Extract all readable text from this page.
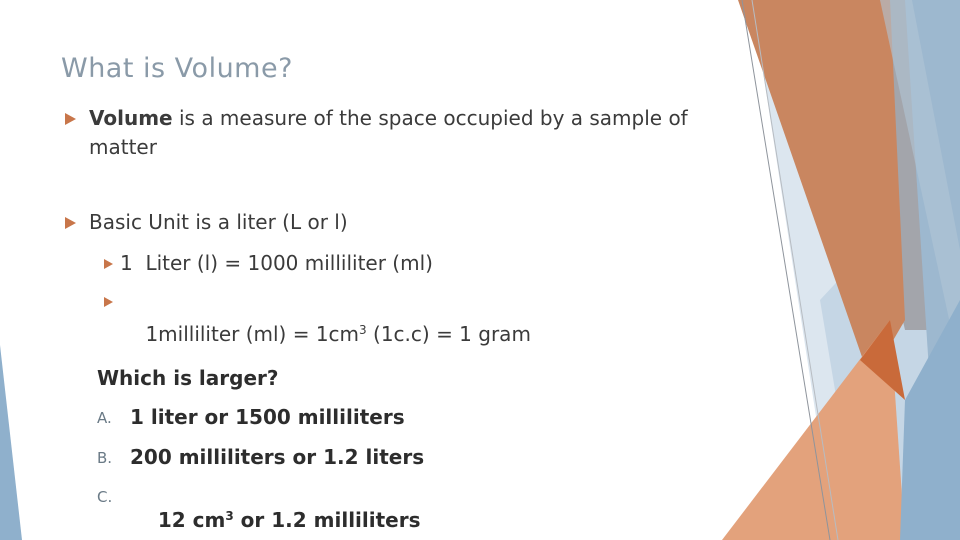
What is Volume?
Volume is a measure of the space occupied by a sample of
matter
Basic Unit is a liter (L or l)
1  Liter (l) = 1000 milliliter (ml)

1milliliter $(ml) = 1cm^3$ (1c.c) = 1 gram

Which is larger?
A. 1 liter or 1500 milliliters
B. 200 milliliters or 1.2 liters
C.

12 $cm^3$ or 1.2 milliliters
